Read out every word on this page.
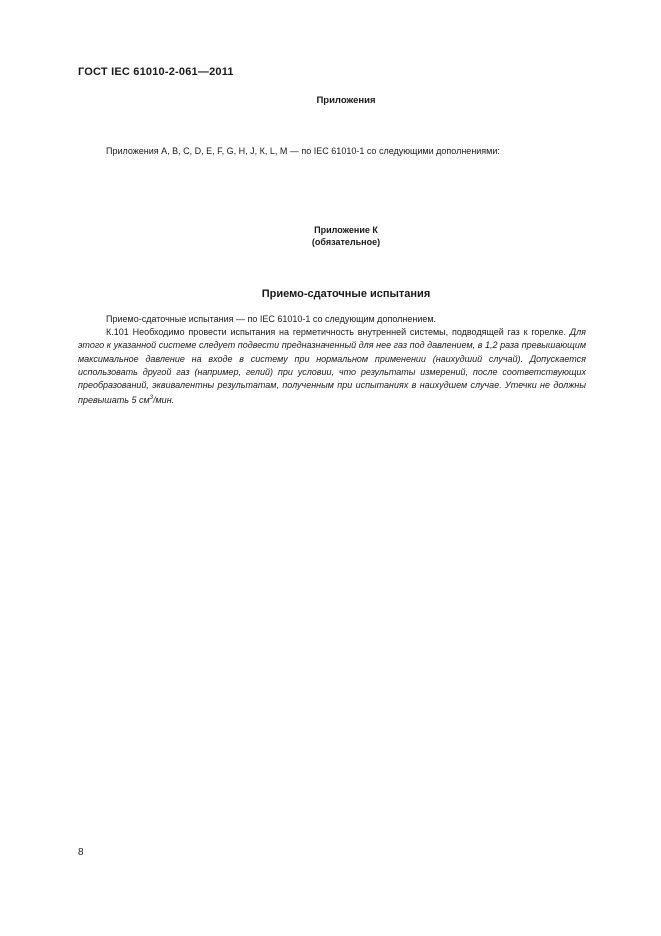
ГОСТ IEC 61010-2-061—2011
Приложения
Приложения А, В, С, D, Е, F, G, Н, J, К, L, М — по IEC 61010-1 со следующими дополнениями:
Приложение К
(обязательное)
Приемо-сдаточные испытания

Приемо-сдаточные испытания — по IEC 61010-1 со следующим дополнением.

К.101 Необходимо провести испытания на герметичность внутренней системы, подводящей газ к горелке. Для этого к указанной системе следует подвести предназначенный для нее газ под давлением, в 1,2 раза превышающим максимальное давление на входе в систему при нормальном применении (наихудший случай). Допускается использовать другой газ (например, гелий) при условии, что результаты измерений, после соответствующих преобразований, эквивалентны результатам, полученным при испытаниях в наихудшем случае. Утечки не должны превышать 5 $см^3$/мин.

8
